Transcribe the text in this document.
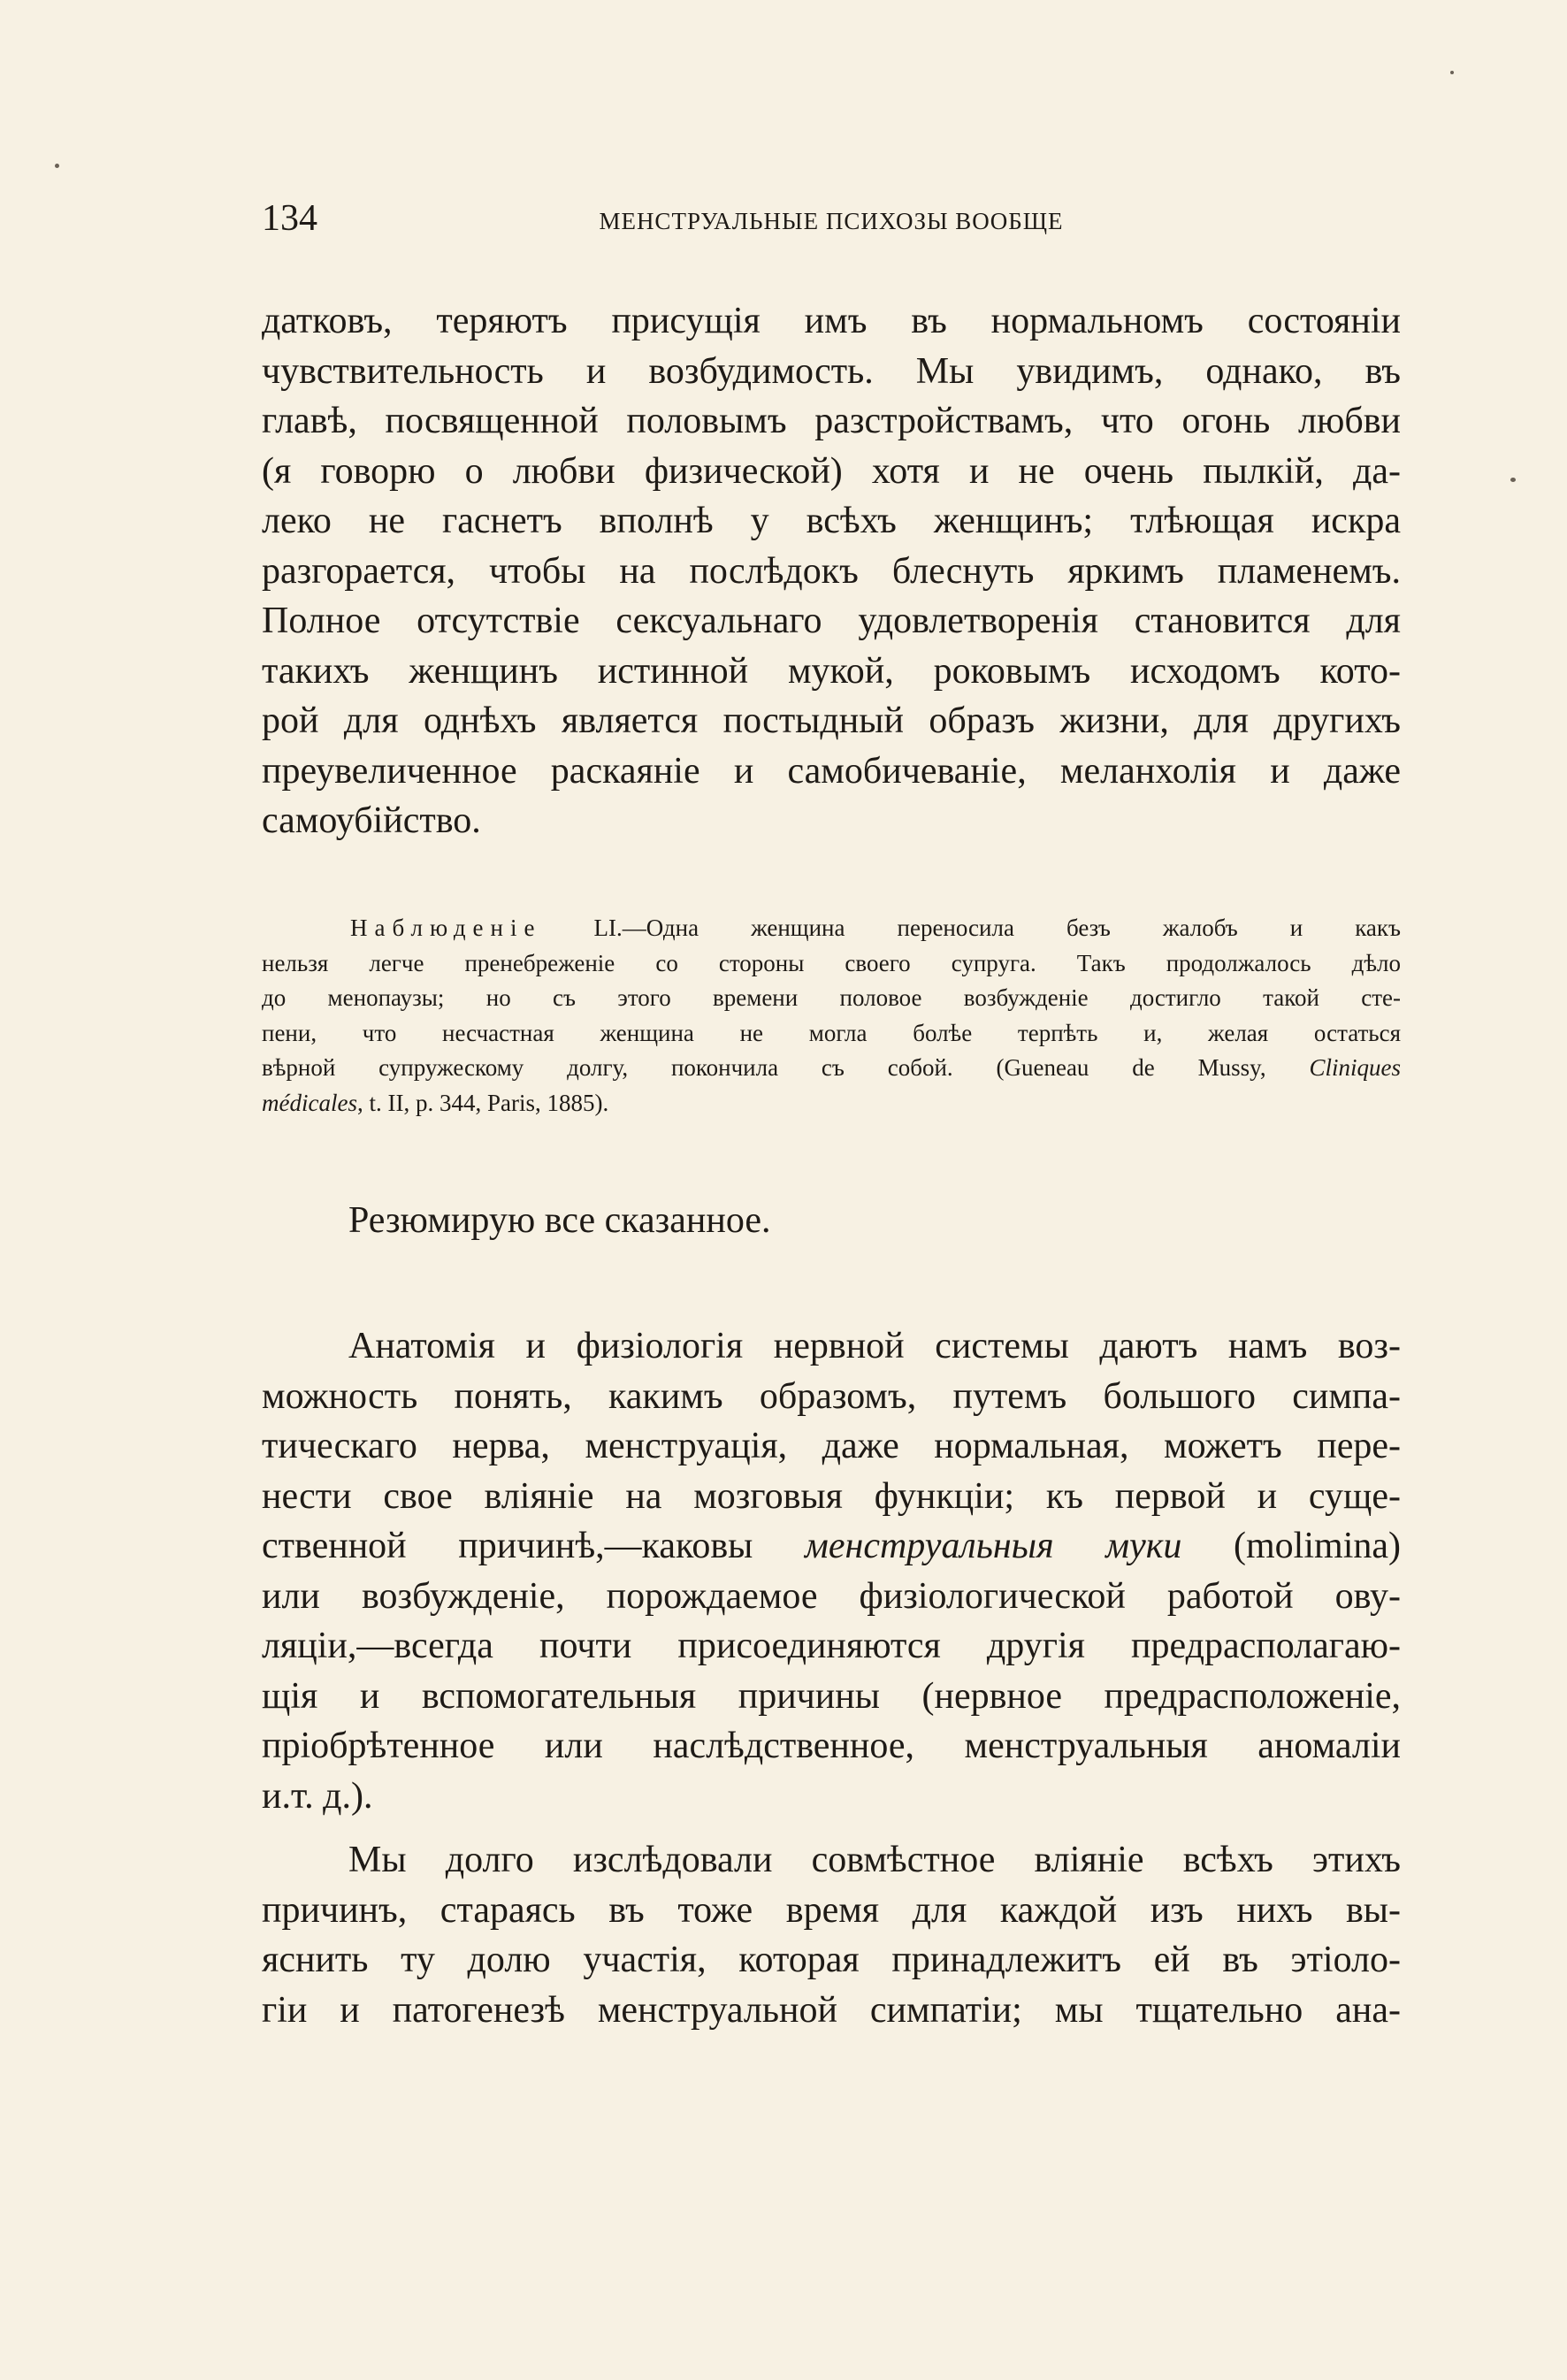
134	МЕНСТРУАЛЬНЫЕ ПСИХОЗЫ ВООБЩЕ
датковъ, теряютъ присущія имъ въ нормальномъ состояніи
чувствительность и возбудимость. Мы увидимъ, однако, въ
главѣ, посвященной половымъ разстройствамъ, что огонь любви
(я говорю о любви физической) хотя и не очень пылкій, да-
леко не гаснетъ вполнѣ у всѣхъ женщинъ; тлѣющая искра
разгорается, чтобы на послѣдокъ блеснуть яркимъ пламенемъ.
Полное отсутствіе сексуальнаго удовлетворенія становится для
такихъ женщинъ истинной мукой, роковымъ исходомъ кото-
рой для однѣхъ является постыдный образъ жизни, для другихъ
преувеличенное раскаяніе и самобичеваніе, меланхолія и даже
самоубійство.
Наблюденіе LI.—Одна женщина переносила безъ жалобъ и какъ
нельзя легче пренебреженіе со стороны своего супруга. Такъ продолжалось дѣло
до менопаузы; но съ этого времени половое возбужденіе достигло такой сте-
пени, что несчастная женщина не могла болѣе терпѣть и, желая остаться
вѣрной супружескому долгу, покончила съ собой. (Gueneau de Mussy, Cliniques
médicales, t. II, p. 344, Paris, 1885).

Резюмирую все сказанное.

Анатомія и физіологія нервной системы даютъ намъ воз-
можность понять, какимъ образомъ, путемъ большого симпа-
тическаго нерва, менструація, даже нормальная, можетъ пере-
нести свое вліяніе на мозговыя функціи; къ первой и суще-
ственной причинѣ,—каковы менструальныя муки (molimina)
или возбужденіе, порождаемое физіологической работой ову-
ляціи,—всегда почти присоединяются другія предрасполагаю-
щія и вспомогательныя причины (нервное предрасположеніе,
пріобрѣтенное или наслѣдственное, менструальныя аномаліи
и.т. д.).
Мы долго изслѣдовали совмѣстное вліяніе всѣхъ этихъ
причинъ, стараясь въ тоже время для каждой изъ нихъ вы-
яснить ту долю участія, которая принадлежитъ ей въ этіоло-
гіи и патогенезѣ менструальной симпатіи; мы тщательно ана-
